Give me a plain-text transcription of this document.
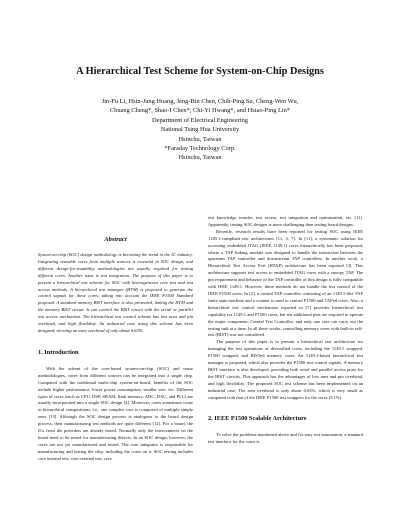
A Hierarchical Test Scheme for System-on-Chip Designs
Jin-Fu Li, Hsin-Jung Huang, Jeng-Bin Chen, Chih-Ping Su, Cheng-Wen Wu,
Chuang Cheng*, Shao-I Chen*, Chi-Yi Hwang*, and Hsiao-Ping Lin*
Department of Electrical Engineering
National Tsing Hua University
Hsinchu, Taiwan
*Faraday Technology Corp.
Hsinchu, Taiwan
Abstract
System-on-chip (SOC) design methodology is becoming the trend in the IC industry. Integrating reusable cores from multiple sources is essential in SOC design, and different design-for-testability methodologies are usually required for testing different cores. Another issue is test integration. The purpose of this paper is to present a hierarchical test scheme for SOC with heterogeneous core test and test access methods. A hierarchical test manager (HTM) is proposed to generate the control signals for these cores, taking into account the IEEE P1500 Standard proposal. A standard memory BIST interface is also presented, linking the HTM and the memory BIST circuit. It can control the BIST circuit with the serial or parallel test access mechanism. The hierarchical test control scheme has low area and pin overhead, and high flexibility. An industrial case using this scheme has been designed, showing an area overhead of only about 0.63%.
1. Introduction

With the advent of the core-based system-on-chip (SOC) and reuse methodologies, cores from different sources can be integrated into a single chip. Compared with the traditional multi-chip system-on-board, benefits of the SOC include higher performance, lower power consumption, smaller size, etc. Different types of cores (such as CPU, DSP, SRAM, flash memory, ADC, DAC, and PLL) are usually incorporated into a single SOC design [4]. Moreover, cores sometimes come in hierarchical compositions, i.e., one complex core is composed of multiple simple ones [13]. Although the SOC design process is analogous to the board design process, their manufacturing test methods are quite different [12]. For a board, the ICs from the providers are already tested. Normally only the interconnects on the board need to be tested for manufacturing defects. In an SOC design, however, the cores are not yet manufactured and tested. The core integrator is responsible for manufacturing and testing the chip, including the cores on it. SOC testing includes core internal test, core external test, core

test knowledge transfer, test access, test integration and optimization, etc. [11]. Apparently, testing SOC designs is more challenging than testing board designs.

Recently, research results have been reported for testing SOC using IEEE 1149.1-compliant test architectures [11, 3, 7]. In [11], a systematic solution for accessing embedded JTAG (IEEE 1149.1) cores hierarchically has been proposed, where a TAP linking module was designed to handle the interaction between the upstream TAP controller and downstream TAP controllers. In another work, a Hierarchical Test Access Port (HTAP) architecture has been reported [3]. This architecture supports test access to embedded JTAG cores with a snoopy TAP. The pin requirement and behavior of the TAP controller of this design is fully compatible with IEEE 1149.1. However, these methods do not handle the test control of the IEEE P1500 cores. In [2], a central TAP controller consisting of an 1149.1-like TAP finite state machine and a counter is used to control P1500 and TAPed cores. Also, a hierarchical test control mechanism reported in [7] provides hierarchical test capability for 1149.1 and P1500 cores, but ten additional pins are required to operate the major component, Central Test Controller, and only one core can carry out the testing task at a time. In all these works, controlling memory cores with built-in self-test (BIST) was not considered.

The purpose of this paper is to present a hierarchical test architecture for managing the test operations of diversified cores, including the 1149.1 wrapped, P1500 wrapped, and BISTed memory cores. An 1149.1-based hierarchical test manager is proposed, which also provides the P1500 test control signals. A memory BIST interface is also developed, providing both serial and parallel access ports for the BIST circuits. This approach has the advantages of low area and pin overhead, and high flexibility. The proposed SOC test scheme has been implemented on an industrial case. The area overhead is only about 0.63%, which is very small as compared with that of the IEEE P1500 test wrappers for the cores (5.1%).

2. IEEE P1500 Scalable Architecture

To solve the problems mentioned above and for easy test automation, a standard test interface for the cores is
